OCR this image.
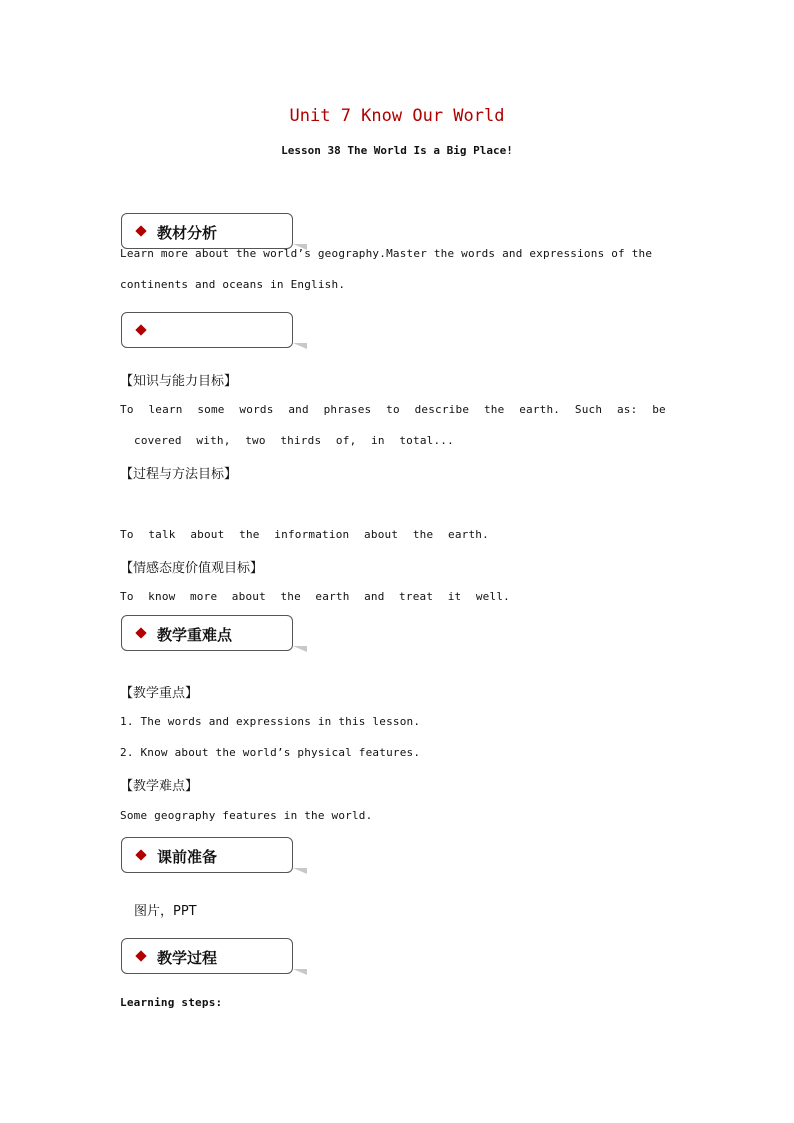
Unit 7 Know Our World
Lesson 38 The World Is a Big Place!
教材分析
Learn more about the world’s geography.Master the words and expressions of the
continents and oceans in English.
【知识与能力目标】
To learn some words and phrases to describe the earth. Such as: be
covered with, two thirds of, in total...
【过程与方法目标】
To talk about the information about the earth.
【情感态度价值观目标】
To know more about the earth and treat it well.
教学重难点
【教学重点】
1. The words and expressions in this lesson.
2. Know about the world’s physical features.
【教学难点】
Some geography features in the world.
课前准备
图片，PPT
教学过程
Learning steps:
